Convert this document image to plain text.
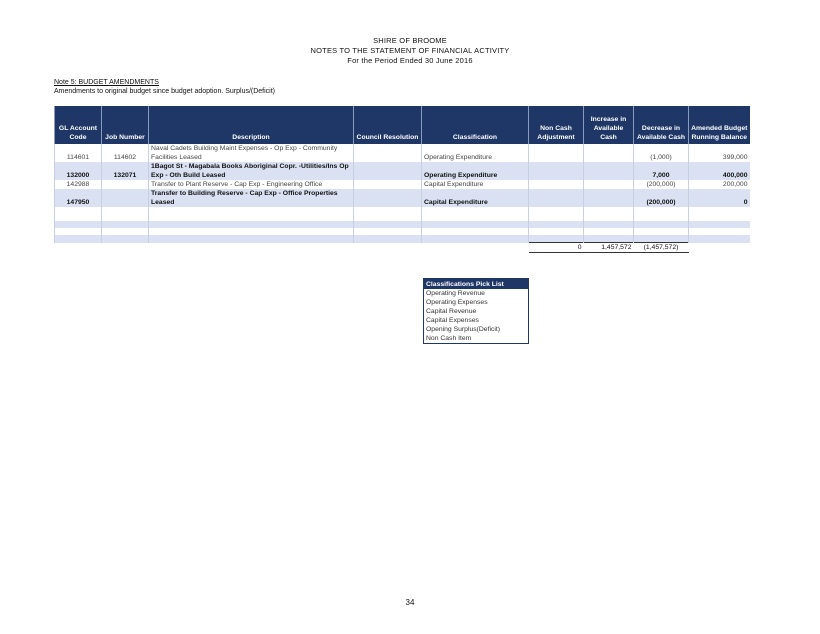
SHIRE OF BROOME
NOTES TO THE STATEMENT OF FINANCIAL ACTIVITY
For the Period Ended 30 June 2016
Note 5: BUDGET AMENDMENTS
Amendments to original budget since budget adoption. Surplus/(Deficit)
GL Account Code	Job Number	Description	Council Resolution	Classification	Non Cash Adjustment	Increase in Available Cash	Decrease in Available Cash	Amended Budget Running Balance
		Naval Cadets Building Maint Expenses - Op Exp - Community						
114601	114602	Facilities Leased		Operating Expenditure			(1,000)	399,000
		1Bagot St - Magabala Books Aboriginal Copr. -Utilities/Ins Op						
132000	132071	Exp - Oth Build Leased		Operating Expenditure			7,000	400,000
142988		Transfer to Plant Reserve - Cap Exp - Engineering Office		Capital Expenditure			(200,000)	200,000
		Transfer to Building Reserve - Cap Exp - Office Properties						
147950		Leased		Capital Expenditure			(200,000)	0

					0	1,457,572	(1,457,572)	
Classifications Pick List
Operating Revenue
Operating Expenses
Capital Revenue
Capital Expenses
Opening Surplus(Deficit)
Non Cash Item
34
